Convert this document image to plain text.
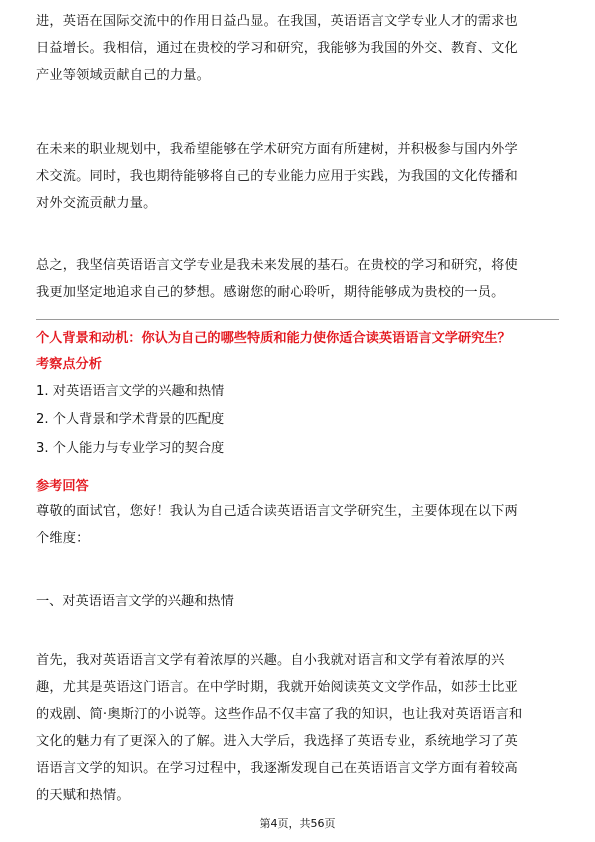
进，英语在国际交流中的作用日益凸显。在我国，英语语言文学专业人才的需求也
日益增长。我相信，通过在贵校的学习和研究，我能够为我国的外交、教育、文化
产业等领域贡献自己的力量。
在未来的职业规划中，我希望能够在学术研究方面有所建树，并积极参与国内外学
术交流。同时，我也期待能够将自己的专业能力应用于实践，为我国的文化传播和
对外交流贡献力量。
总之，我坚信英语语言文学专业是我未来发展的基石。在贵校的学习和研究，将使
我更加坚定地追求自己的梦想。感谢您的耐心聆听，期待能够成为贵校的一员。
个人背景和动机：你认为自己的哪些特质和能力使你适合读英语语言文学研究生？
考察点分析
1. 对英语语言文学的兴趣和热情
2. 个人背景和学术背景的匹配度
3. 个人能力与专业学习的契合度
参考回答
尊敬的面试官，您好！我认为自己适合读英语语言文学研究生，主要体现在以下两
个维度：
一、对英语语言文学的兴趣和热情
首先，我对英语语言文学有着浓厚的兴趣。自小我就对语言和文学有着浓厚的兴
趣，尤其是英语这门语言。在中学时期，我就开始阅读英文文学作品，如莎士比亚
的戏剧、简·奥斯汀的小说等。这些作品不仅丰富了我的知识，也让我对英语语言和
文化的魅力有了更深入的了解。进入大学后，我选择了英语专业，系统地学习了英
语语言文学的知识。在学习过程中，我逐渐发现自己在英语语言文学方面有着较高
的天赋和热情。
第4页，共56页
